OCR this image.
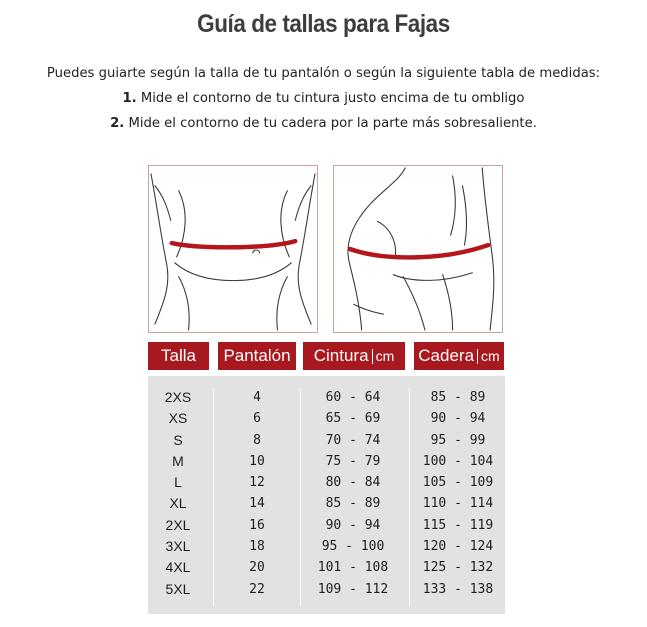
Guía de tallas para Fajas
Puedes guiarte según la talla de tu pantalón o según la siguiente tabla de medidas:
1. Mide el contorno de tu cintura justo encima de tu ombligo
2. Mide el contorno de tu cadera por la parte más sobresaliente.
Talla Pantalón Cintura cm Cadera cm
2XS
XS
S
M
L
XL
2XL
3XL
4XL
5XL
4
6
8
10
12
14
16
18
20
22
60 - 64
65 - 69
70 - 74
75 - 79
80 - 84
85 - 89
90 - 94
95 - 100
101 - 108
109 - 112
85 - 89
90 - 94
95 - 99
100 - 104
105 - 109
110 - 114
115 - 119
120 - 124
125 - 132
133 - 138
